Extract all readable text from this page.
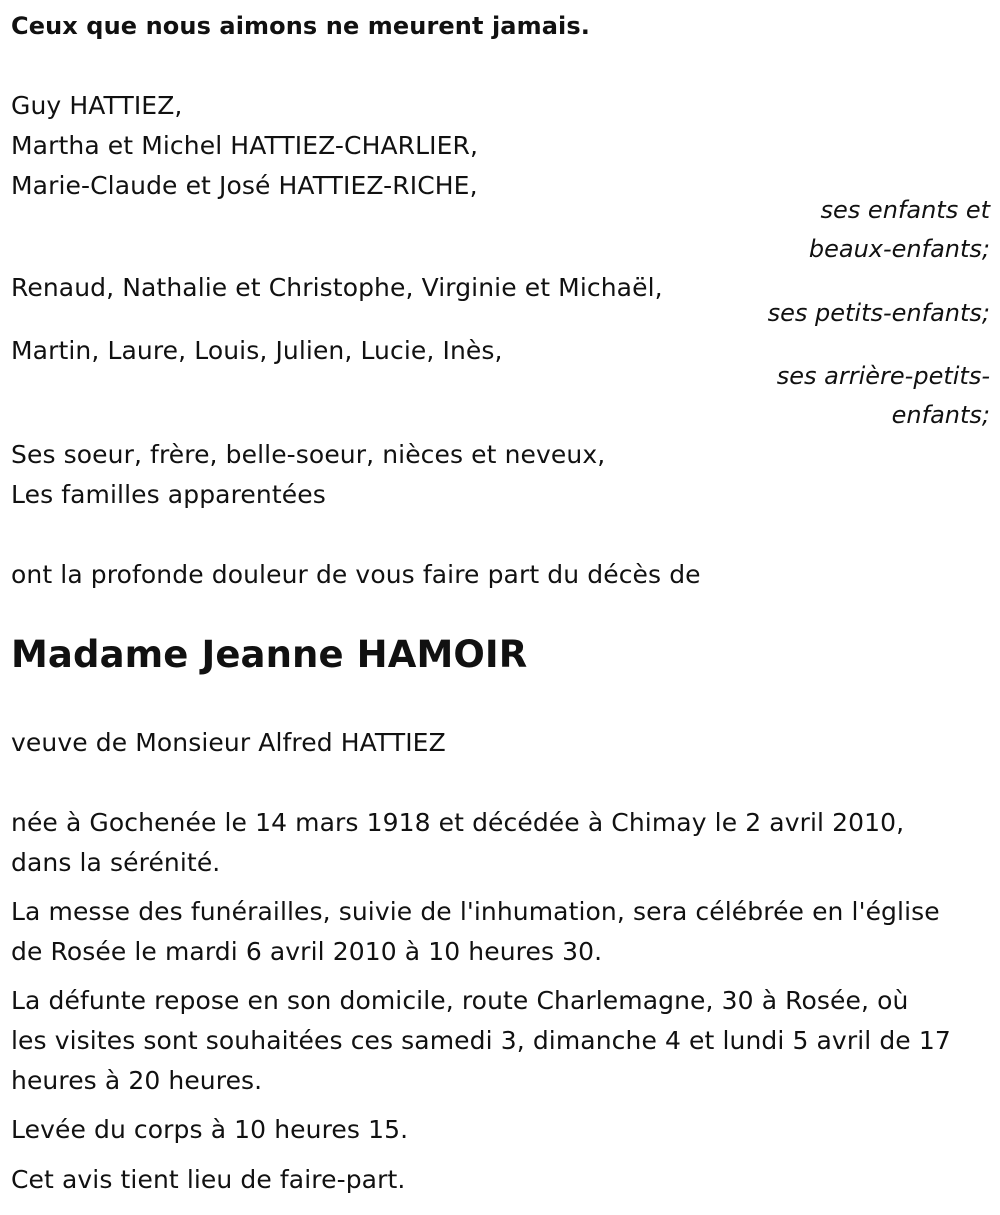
Ceux que nous aimons ne meurent jamais.
Guy HATTIEZ,
Martha et Michel HATTIEZ-CHARLIER,
Marie-Claude et José HATTIEZ-RICHE,
ses enfants et
beaux-enfants;
Renaud, Nathalie et Christophe, Virginie et Michaël,
ses petits-enfants;
Martin, Laure, Louis, Julien, Lucie, Inès,
ses arrière-petits-
enfants;
Ses soeur, frère, belle-soeur, nièces et neveux,
Les familles apparentées
ont la profonde douleur de vous faire part du décès de
Madame Jeanne HAMOIR
veuve de Monsieur Alfred HATTIEZ
née à Gochenée le 14 mars 1918 et décédée à Chimay le 2 avril 2010,
dans la sérénité.
La messe des funérailles, suivie de l'inhumation, sera célébrée en l'église
de Rosée le mardi 6 avril 2010 à 10 heures 30.
La défunte repose en son domicile, route Charlemagne, 30 à Rosée, où
les visites sont souhaitées ces samedi 3, dimanche 4 et lundi 5 avril de 17
heures à 20 heures.
Levée du corps à 10 heures 15.
Cet avis tient lieu de faire-part.
